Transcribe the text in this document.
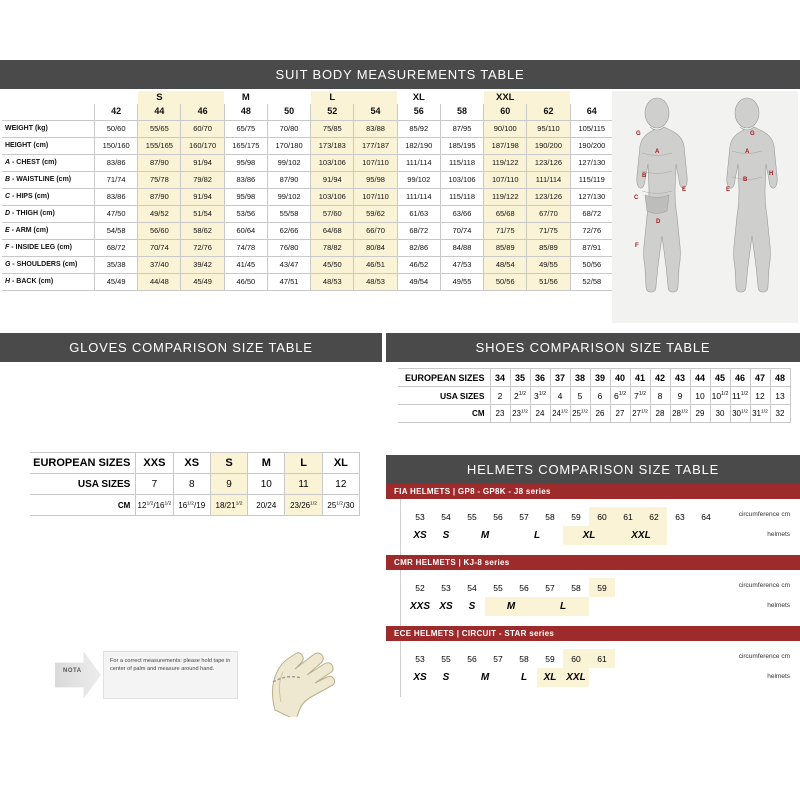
SUIT BODY MEASUREMENTS TABLE
		S		M		L		XL		XXL		
	42	44	46	48	50	52	54	56	58	60	62	64
WEIGHT (kg)	50/60	55/65	60/70	65/75	70/80	75/85	83/88	85/92	87/95	90/100	95/110	105/115
HEIGHT (cm)	150/160	155/165	160/170	165/175	170/180	173/183	177/187	182/190	185/195	187/198	190/200	190/200
A - CHEST (cm)	83/86	87/90	91/94	95/98	99/102	103/106	107/110	111/114	115/118	119/122	123/126	127/130
B - WAISTLINE (cm)	71/74	75/78	79/82	83/86	87/90	91/94	95/98	99/102	103/106	107/110	111/114	115/119
C - HIPS (cm)	83/86	87/90	91/94	95/98	99/102	103/106	107/110	111/114	115/118	119/122	123/126	127/130
D - THIGH (cm)	47/50	49/52	51/54	53/56	55/58	57/60	59/62	61/63	63/66	65/68	67/70	68/72
E - ARM (cm)	54/58	56/60	58/62	60/64	62/66	64/68	66/70	68/72	70/74	71/75	71/75	72/76
F - INSIDE LEG (cm)	68/72	70/74	72/76	74/78	76/80	78/82	80/84	82/86	84/88	85/89	85/89	87/91
G - SHOULDERS (cm)	35/38	37/40	39/42	41/45	43/47	45/50	46/51	46/52	47/53	48/54	49/55	50/56
H - BACK (cm)	45/49	44/48	45/49	46/50	47/51	48/53	48/53	49/54	49/55	50/56	51/56	52/58
A
B
C
D
E
F
G	G
A
H
E
B
GLOVES COMPARISON SIZE TABLE
EUROPEAN SIZES	XXS	XS	S	M	L	XL
USA SIZES	7	8	9	10	11	12
CM	$12^{1/2}/16^{1/2}$	$16^{1/2}/19$	$18/21^{1/2}$	20/24	$23/26^{1/2}$	$25^{1/2}/30$
NOTA
For a correct measurements: please hold tape in center of palm and measure around hand.
SHOES COMPARISON SIZE TABLE
EUROPEAN SIZES	34	35	36	37	38	39	40	41	42	43	44	45	46	47	48
USA SIZES	2	$2^{1/2}$	$3^{1/2}$	4	5	6	$6^{1/2}$	$7^{1/2}$	8	9	10	$10^{1/2}$	$11^{1/2}$	12	13
CM	23	$23^{1/2}$	24	$24^{1/2}$	$25^{1/2}$	26	27	$27^{1/2}$	28	$28^{1/2}$	29	30	$30^{1/2}$	$31^{1/2}$	32
HELMETS COMPARISON SIZE TABLE
FIA HELMETS | GP8 - GP8K - J8 series
53	54	55	56	57	58	59	60	61	62	63	64
XS	S	M		L		XL		XXL			
circumference cm
helmets
CMR HELMETS | KJ-8 series
52	53	54	55	56	57	58	59
XXS	XS	S	M		L		
circumference cm
helmets
ECE HELMETS | CIRCUIT - STAR series
53	55	56	57	58	59	60	61
XS	S	M		L	XL	XXL	
circumference cm
helmets
